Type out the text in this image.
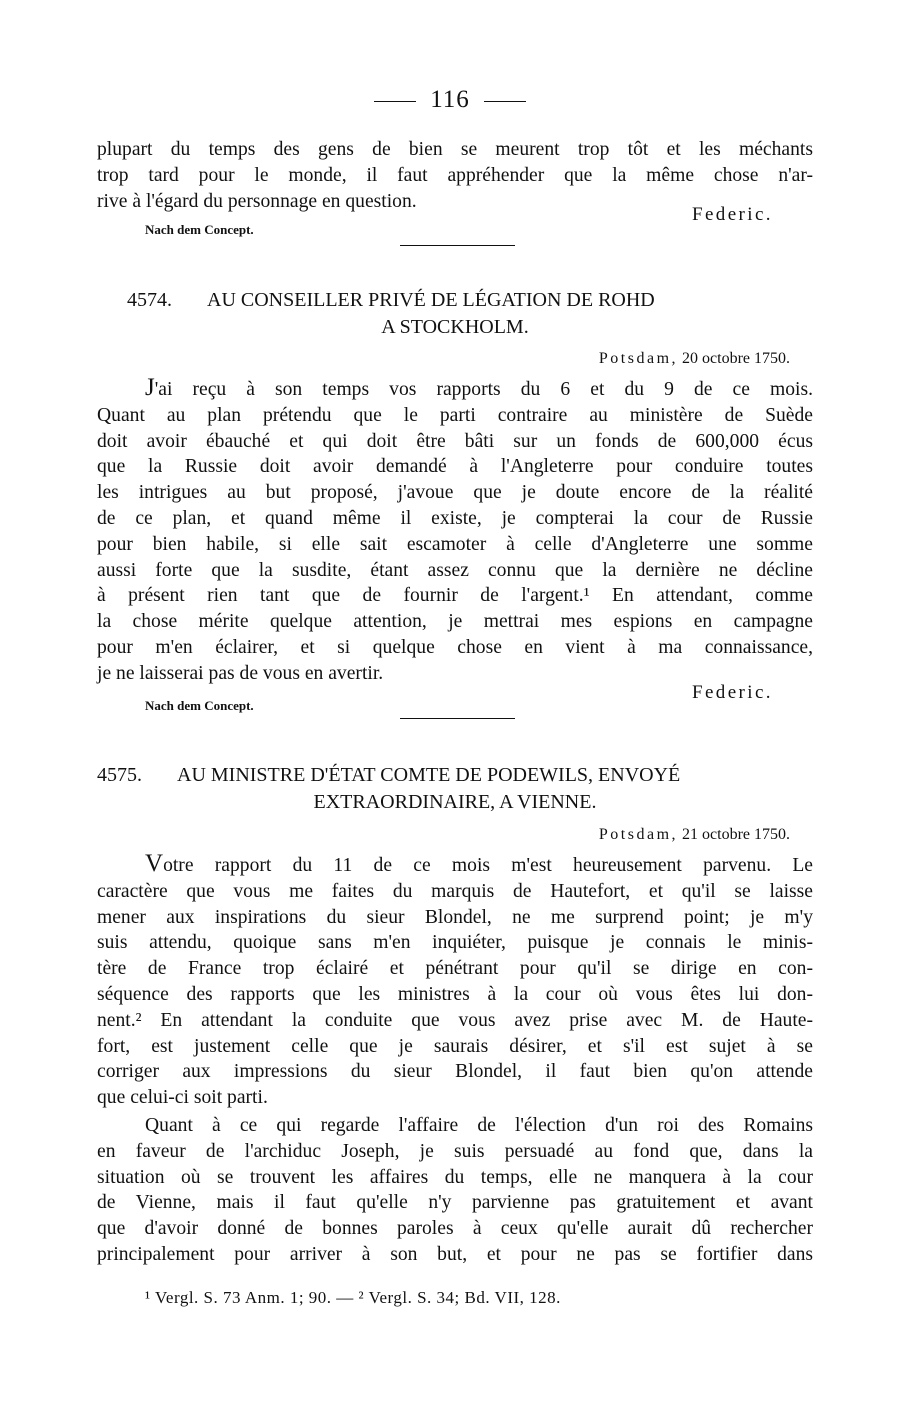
116
plupart du temps des gens de bien se meurent trop tôt et les méchants
trop tard pour le monde, il faut appréhender que la même chose n'ar-
rive à l'égard du personnage en question.
Federic.
Nach dem Concept.
4574.	AU CONSEILLER PRIVÉ DE LÉGATION DE ROHD
A STOCKHOLM.
Potsdam, 20 octobre 1750.
J'ai reçu à son temps vos rapports du 6 et du 9 de ce mois.
Quant au plan prétendu que le parti contraire au ministère de Suède
doit avoir ébauché et qui doit être bâti sur un fonds de 600,000 écus
que la Russie doit avoir demandé à l'Angleterre pour conduire toutes
les intrigues au but proposé, j'avoue que je doute encore de la réalité
de ce plan, et quand même il existe, je compterai la cour de Russie
pour bien habile, si elle sait escamoter à celle d'Angleterre une somme
aussi forte que la susdite, étant assez connu que la dernière ne décline
à présent rien tant que de fournir de l'argent.¹ En attendant, comme
la chose mérite quelque attention, je mettrai mes espions en campagne
pour m'en éclairer, et si quelque chose en vient à ma connaissance,
je ne laisserai pas de vous en avertir.
Federic.
Nach dem Concept.
4575.	AU MINISTRE D'ÉTAT COMTE DE PODEWILS, ENVOYÉ
EXTRAORDINAIRE, A VIENNE.
Potsdam, 21 octobre 1750.
Votre rapport du 11 de ce mois m'est heureusement parvenu. Le
caractère que vous me faites du marquis de Hautefort, et qu'il se laisse
mener aux inspirations du sieur Blondel, ne me surprend point; je m'y
suis attendu, quoique sans m'en inquiéter, puisque je connais le minis-
tère de France trop éclairé et pénétrant pour qu'il se dirige en con-
séquence des rapports que les ministres à la cour où vous êtes lui don-
nent.² En attendant la conduite que vous avez prise avec M. de Haute-
fort, est justement celle que je saurais désirer, et s'il est sujet à se
corriger aux impressions du sieur Blondel, il faut bien qu'on attende
que celui-ci soit parti.
Quant à ce qui regarde l'affaire de l'élection d'un roi des Romains
en faveur de l'archiduc Joseph, je suis persuadé au fond que, dans la
situation où se trouvent les affaires du temps, elle ne manquera à la cour
de Vienne, mais il faut qu'elle n'y parvienne pas gratuitement et avant
que d'avoir donné de bonnes paroles à ceux qu'elle aurait dû rechercher
principalement pour arriver à son but, et pour ne pas se fortifier dans
¹ Vergl. S. 73 Anm. 1; 90. — ² Vergl. S. 34; Bd. VII, 128.
